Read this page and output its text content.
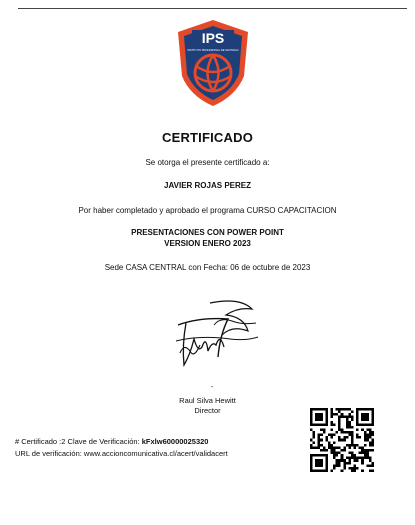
IPS
INSTITUTO PROFESIONAL DE SANTIAGO
CERTIFICADO
Se otorga el presente certificado a:
JAVIER ROJAS PEREZ
Por haber completado y aprobado el programa CURSO CAPACITACION
PRESENTACIONES CON POWER POINT
VERSION ENERO 2023
Sede CASA CENTRAL con Fecha: 06 de octubre de 2023
-
Raul Silva Hewitt
Director
# Certificado :2 Clave de Verificación: kFxlw60000025320
URL de verificación: www.accioncomunicativa.cl/acert/validacert
